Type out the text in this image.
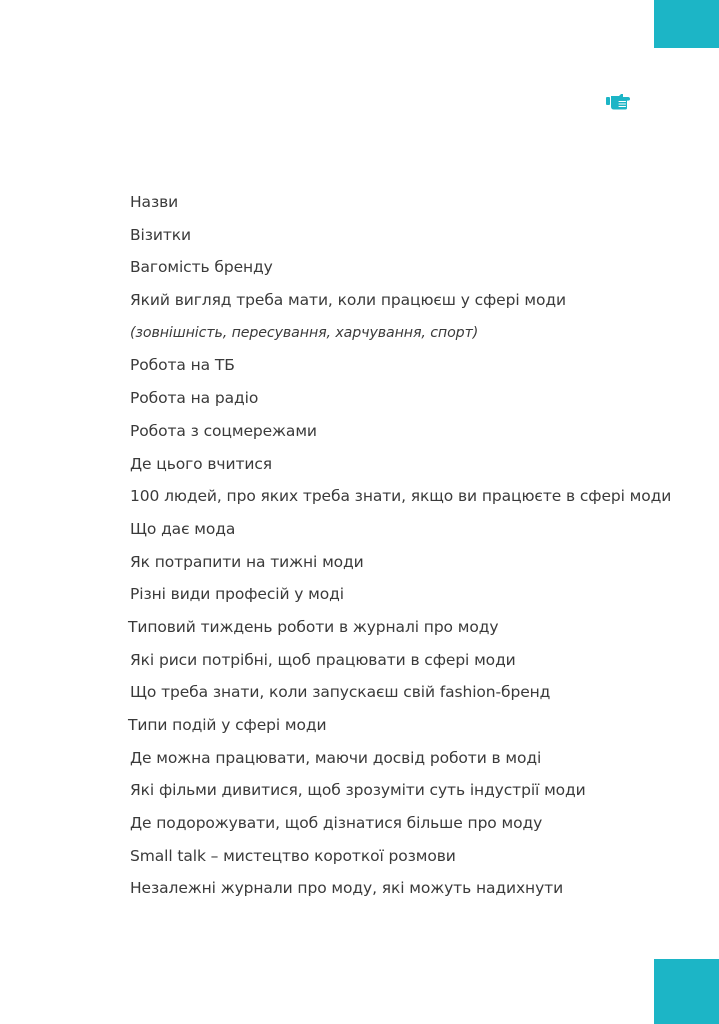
Назви
Візитки
Вагомість бренду
Який вигляд треба мати, коли працюєш у сфері моди
(зовнішність, пересування, харчування, спорт)
Робота на ТБ
Робота на радіо
Робота з соцмережами
Де цього вчитися
100 людей, про яких треба знати, якщо ви працюєте в сфері моди
Що дає мода
Як потрапити на тижні моди
Різні види професій у моді
Типовий тиждень роботи в журналі про моду
Які риси потрібні, щоб працювати в сфері моди
Що треба знати, коли запускаєш свій fashion-бренд
Типи подій у сфері моди
Де можна працювати, маючи досвід роботи в моді
Які фільми дивитися, щоб зрозуміти суть індустрії моди
Де подорожувати, щоб дізнатися більше про моду
Small talk – мистецтво короткої розмови
Незалежні журнали про моду, які можуть надихнути
